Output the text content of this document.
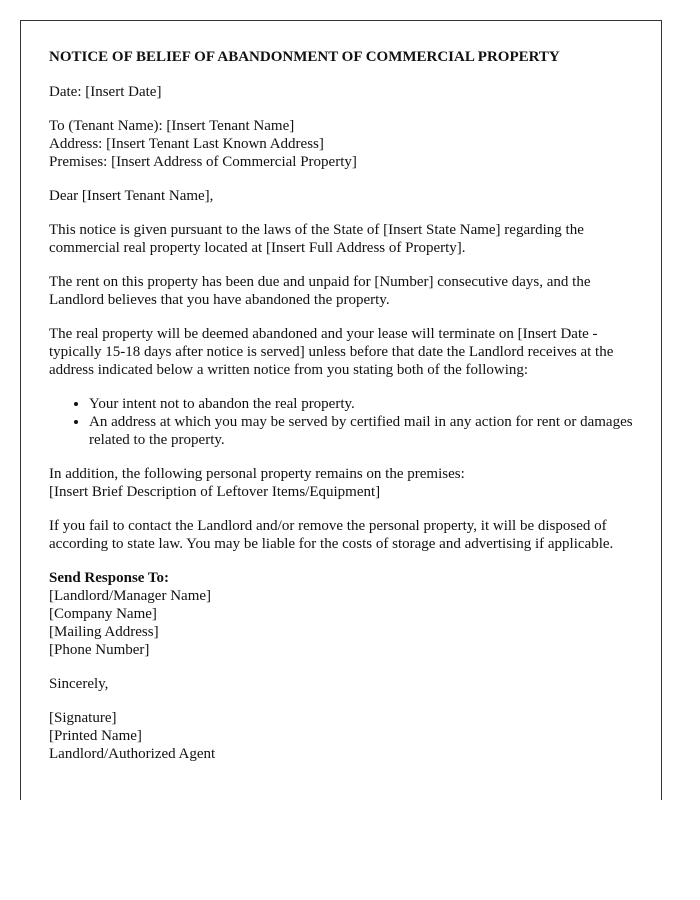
NOTICE OF BELIEF OF ABANDONMENT OF COMMERCIAL PROPERTY

Date: [Insert Date]

To (Tenant Name): [Insert Tenant Name]
Address: [Insert Tenant Last Known Address]
Premises: [Insert Address of Commercial Property]

Dear [Insert Tenant Name],

This notice is given pursuant to the laws of the State of [Insert State Name] regarding the commercial real property located at [Insert Full Address of Property].

The rent on this property has been due and unpaid for [Number] consecutive days, and the Landlord believes that you have abandoned the property.

The real property will be deemed abandoned and your lease will terminate on [Insert Date - typically 15-18 days after notice is served] unless before that date the Landlord receives at the address indicated below a written notice from you stating both of the following:

• Your intent not to abandon the real property.
• An address at which you may be served by certified mail in any action for rent or damages related to the property.

In addition, the following personal property remains on the premises:
[Insert Brief Description of Leftover Items/Equipment]

If you fail to contact the Landlord and/or remove the personal property, it will be disposed of according to state law. You may be liable for the costs of storage and advertising if applicable.

Send Response To:
[Landlord/Manager Name]
[Company Name]
[Mailing Address]
[Phone Number]

Sincerely,

[Signature]
[Printed Name]
Landlord/Authorized Agent
